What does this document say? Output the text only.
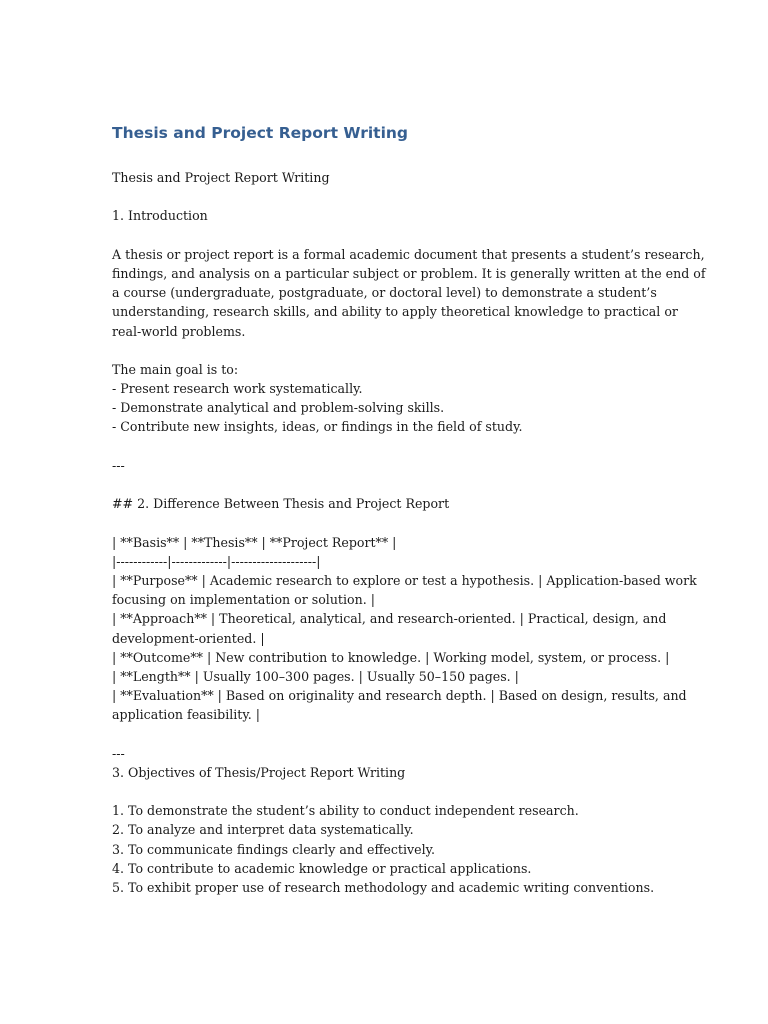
Thesis and Project Report Writing
Thesis and Project Report Writing
1. Introduction
A thesis or project report is a formal academic document that presents a student’s research,
findings, and analysis on a particular subject or problem. It is generally written at the end of
a course (undergraduate, postgraduate, or doctoral level) to demonstrate a student’s
understanding, research skills, and ability to apply theoretical knowledge to practical or
real-world problems.
The main goal is to:
- Present research work systematically.
- Demonstrate analytical and problem-solving skills.
- Contribute new insights, ideas, or findings in the field of study.
---
## 2. Difference Between Thesis and Project Report
| **Basis** | **Thesis** | **Project Report** |
|------------|-------------|--------------------|
| **Purpose** | Academic research to explore or test a hypothesis. | Application-based work
focusing on implementation or solution. |
| **Approach** | Theoretical, analytical, and research-oriented. | Practical, design, and
development-oriented. |
| **Outcome** | New contribution to knowledge. | Working model, system, or process. |
| **Length** | Usually 100–300 pages. | Usually 50–150 pages. |
| **Evaluation** | Based on originality and research depth. | Based on design, results, and
application feasibility. |
---
3. Objectives of Thesis/Project Report Writing
1. To demonstrate the student’s ability to conduct independent research.
2. To analyze and interpret data systematically.
3. To communicate findings clearly and effectively.
4. To contribute to academic knowledge or practical applications.
5. To exhibit proper use of research methodology and academic writing conventions.
